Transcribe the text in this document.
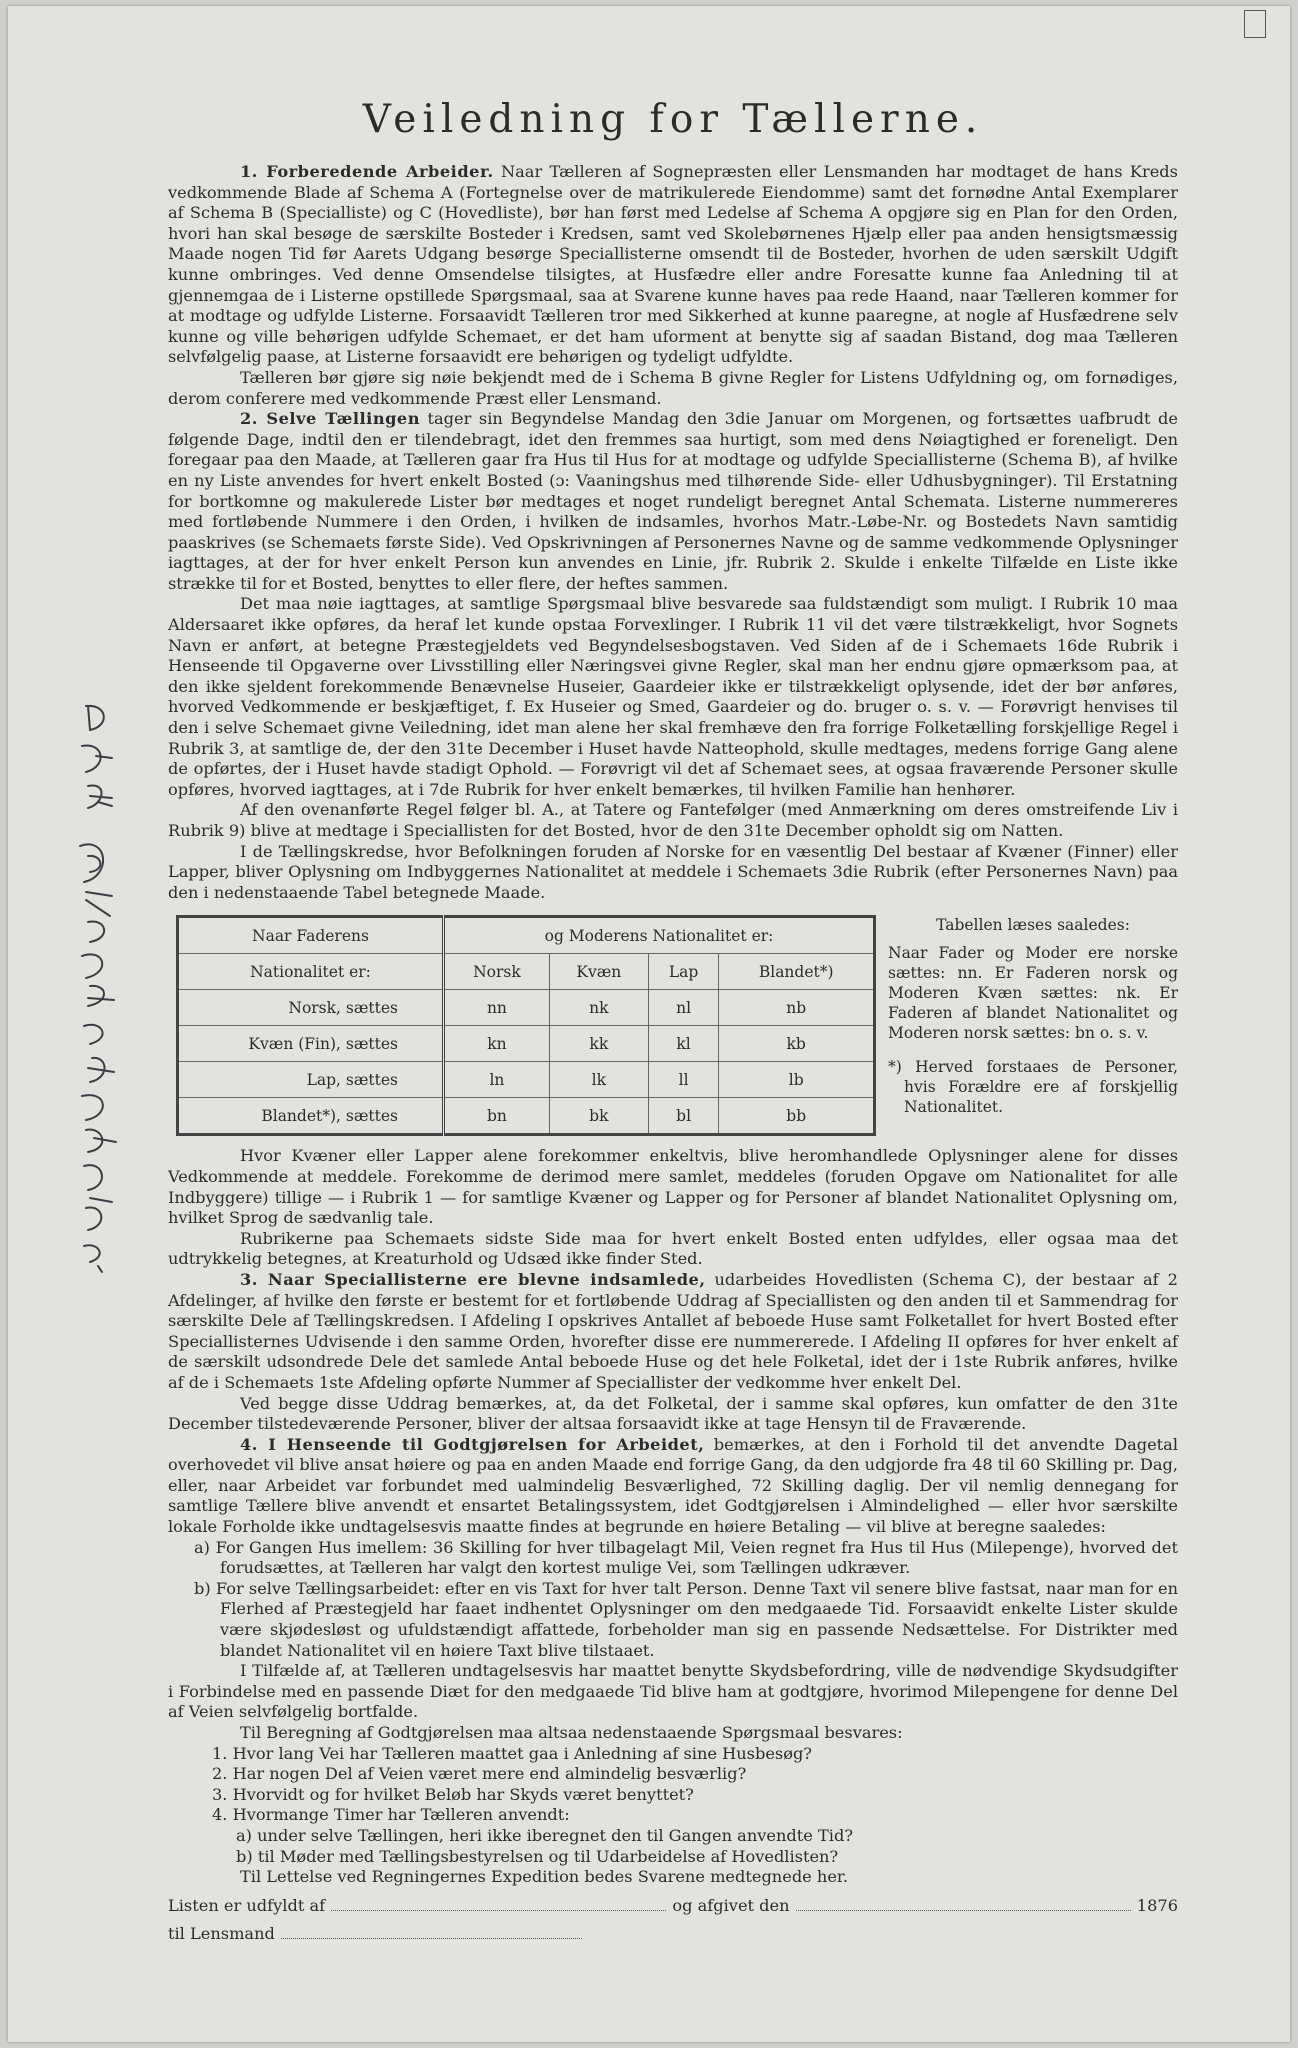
Veiledning for Tællerne.

1. Forberedende Arbeider. Naar Tælleren af Sognepræsten eller Lensmanden har modtaget de hans Kreds vedkommende Blade af Schema A (Fortegnelse over de matrikulerede Eiendomme) samt det fornødne Antal Exemplarer af Schema B (Specialliste) og C (Hovedliste), bør han først med Ledelse af Schema A opgjøre sig en Plan for den Orden, hvori han skal besøge de særskilte Bosteder i Kredsen, samt ved Skolebørnenes Hjælp eller paa anden hensigtsmæssig Maade nogen Tid før Aarets Udgang besørge Speciallisterne omsendt til de Bosteder, hvorhen de uden særskilt Udgift kunne ombringes. Ved denne Omsendelse tilsigtes, at Husfædre eller andre Foresatte kunne faa Anledning til at gjennemgaa de i Listerne opstillede Spørgsmaal, saa at Svarene kunne haves paa rede Haand, naar Tælleren kommer for at modtage og udfylde Listerne. Forsaavidt Tælleren tror med Sikkerhed at kunne paaregne, at nogle af Husfædrene selv kunne og ville behørigen udfylde Schemaet, er det ham uforment at benytte sig af saadan Bistand, dog maa Tælleren selvfølgelig paase, at Listerne forsaavidt ere behørigen og tydeligt udfyldte.

Tælleren bør gjøre sig nøie bekjendt med de i Schema B givne Regler for Listens Udfyldning og, om fornødiges, derom conferere med vedkommende Præst eller Lensmand.

2. Selve Tællingen tager sin Begyndelse Mandag den 3die Januar om Morgenen, og fortsættes uafbrudt de følgende Dage, indtil den er tilendebragt, idet den fremmes saa hurtigt, som med dens Nøiagtighed er foreneligt. Den foregaar paa den Maade, at Tælleren gaar fra Hus til Hus for at modtage og udfylde Speciallisterne (Schema B), af hvilke en ny Liste anvendes for hvert enkelt Bosted (ɔ: Vaaningshus med tilhørende Side- eller Udhusbygninger). Til Erstatning for bortkomne og makulerede Lister bør medtages et noget rundeligt beregnet Antal Schemata. Listerne nummereres med fortløbende Nummere i den Orden, i hvilken de indsamles, hvorhos Matr.-Løbe-Nr. og Bostedets Navn samtidig paaskrives (se Schemaets første Side). Ved Opskrivningen af Personernes Navne og de samme vedkommende Oplysninger iagttages, at der for hver enkelt Person kun anvendes en Linie, jfr. Rubrik 2. Skulde i enkelte Tilfælde en Liste ikke strække til for et Bosted, benyttes to eller flere, der heftes sammen.

Det maa nøie iagttages, at samtlige Spørgsmaal blive besvarede saa fuldstændigt som muligt. I Rubrik 10 maa Aldersaaret ikke opføres, da heraf let kunde opstaa Forvexlinger. I Rubrik 11 vil det være tilstrækkeligt, hvor Sognets Navn er anført, at betegne Præstegjeldets ved Begyndelsesbogstaven. Ved Siden af de i Schemaets 16de Rubrik i Henseende til Opgaverne over Livsstilling eller Næringsvei givne Regler, skal man her endnu gjøre opmærksom paa, at den ikke sjeldent forekommende Benævnelse Huseier, Gaardeier ikke er tilstrækkeligt oplysende, idet der bør anføres, hvorved Vedkommende er beskjæftiget, f. Ex Huseier og Smed, Gaardeier og do. bruger o. s. v. — Forøvrigt henvises til den i selve Schemaet givne Veiledning, idet man alene her skal fremhæve den fra forrige Folketælling forskjellige Regel i Rubrik 3, at samtlige de, der den 31te December i Huset havde Natteophold, skulle medtages, medens forrige Gang alene de opførtes, der i Huset havde stadigt Ophold. — Forøvrigt vil det af Schemaet sees, at ogsaa fraværende Personer skulle opføres, hvorved iagttages, at i 7de Rubrik for hver enkelt bemærkes, til hvilken Familie han henhører.

Af den ovenanførte Regel følger bl. A., at Tatere og Fantefølger (med Anmærkning om deres omstreifende Liv i Rubrik 9) blive at medtage i Speciallisten for det Bosted, hvor de den 31te December opholdt sig om Natten.

I de Tællingskredse, hvor Befolkningen foruden af Norske for en væsentlig Del bestaar af Kvæner (Finner) eller Lapper, bliver Oplysning om Indbyggernes Nationalitet at meddele i Schemaets 3die Rubrik (efter Personernes Navn) paa den i nedenstaaende Tabel betegnede Maade.

Naar Faderens	og Moderens Nationalitet er:			
Nationalitet er:	Norsk	Kvæn	Lap	Blandet*)
Norsk, sættes	nn	nk	nl	nb
Kvæn (Fin), sættes	kn	kk	kl	kb
Lap, sættes	ln	lk	ll	lb
Blandet*), sættes	bn	bk	bl	bb

Tabellen læses saaledes:

Naar Fader og Moder ere norske sættes: nn. Er Faderen norsk og Moderen Kvæn sættes: nk. Er Faderen af blandet Nationalitet og Moderen norsk sættes: bn o. s. v.

*) Herved forstaaes de Personer, hvis Forældre ere af forskjellig Nationalitet.

Hvor Kvæner eller Lapper alene forekommer enkeltvis, blive heromhandlede Oplysninger alene for disses Vedkommende at meddele. Forekomme de derimod mere samlet, meddeles (foruden Opgave om Nationalitet for alle Indbyggere) tillige — i Rubrik 1 — for samtlige Kvæner og Lapper og for Personer af blandet Nationalitet Oplysning om, hvilket Sprog de sædvanlig tale.

Rubrikerne paa Schemaets sidste Side maa for hvert enkelt Bosted enten udfyldes, eller ogsaa maa det udtrykkelig betegnes, at Kreaturhold og Udsæd ikke finder Sted.

3. Naar Speciallisterne ere blevne indsamlede, udarbeides Hovedlisten (Schema C), der bestaar af 2 Afdelinger, af hvilke den første er bestemt for et fortløbende Uddrag af Speciallisten og den anden til et Sammendrag for særskilte Dele af Tællingskredsen. I Afdeling I opskrives Antallet af beboede Huse samt Folketallet for hvert Bosted efter Speciallisternes Udvisende i den samme Orden, hvorefter disse ere nummererede. I Afdeling II opføres for hver enkelt af de særskilt udsondrede Dele det samlede Antal beboede Huse og det hele Folketal, idet der i 1ste Rubrik anføres, hvilke af de i Schemaets 1ste Afdeling opførte Nummer af Speciallister der vedkomme hver enkelt Del.

Ved begge disse Uddrag bemærkes, at, da det Folketal, der i samme skal opføres, kun omfatter de den 31te December tilstedeværende Personer, bliver der altsaa forsaavidt ikke at tage Hensyn til de Fraværende.

4. I Henseende til Godtgjørelsen for Arbeidet, bemærkes, at den i Forhold til det anvendte Dagetal overhovedet vil blive ansat høiere og paa en anden Maade end forrige Gang, da den udgjorde fra 48 til 60 Skilling pr. Dag, eller, naar Arbeidet var forbundet med ualmindelig Besværlighed, 72 Skilling daglig. Der vil nemlig dennegang for samtlige Tællere blive anvendt et ensartet Betalingssystem, idet Godtgjørelsen i Almindelighed — eller hvor særskilte lokale Forholde ikke undtagelsesvis maatte findes at begrunde en høiere Betaling — vil blive at beregne saaledes:

a) For Gangen Hus imellem: 36 Skilling for hver tilbagelagt Mil, Veien regnet fra Hus til Hus (Milepenge), hvorved det forudsættes, at Tælleren har valgt den kortest mulige Vei, som Tællingen udkræver.

b) For selve Tællingsarbeidet: efter en vis Taxt for hver talt Person. Denne Taxt vil senere blive fastsat, naar man for en Flerhed af Præstegjeld har faaet indhentet Oplysninger om den medgaaede Tid. Forsaavidt enkelte Lister skulde være skjødesløst og ufuldstændigt affattede, forbeholder man sig en passende Nedsættelse. For Distrikter med blandet Nationalitet vil en høiere Taxt blive tilstaaet.

I Tilfælde af, at Tælleren undtagelsesvis har maattet benytte Skydsbefordring, ville de nødvendige Skydsudgifter i Forbindelse med en passende Diæt for den medgaaede Tid blive ham at godtgjøre, hvorimod Milepengene for denne Del af Veien selvfølgelig bortfalde.

Til Beregning af Godtgjørelsen maa altsaa nedenstaaende Spørgsmaal besvares:

1. Hvor lang Vei har Tælleren maattet gaa i Anledning af sine Husbesøg?

2. Har nogen Del af Veien været mere end almindelig besværlig?

3. Hvorvidt og for hvilket Beløb har Skyds været benyttet?

4. Hvormange Timer har Tælleren anvendt:

a) under selve Tællingen, heri ikke iberegnet den til Gangen anvendte Tid?

b) til Møder med Tællingsbestyrelsen og til Udarbeidelse af Hovedlisten?

Til Lettelse ved Regningernes Expedition bedes Svarene medtegnede her.

Listen er udfyldt af	og afgivet den	1876
til Lensmand
